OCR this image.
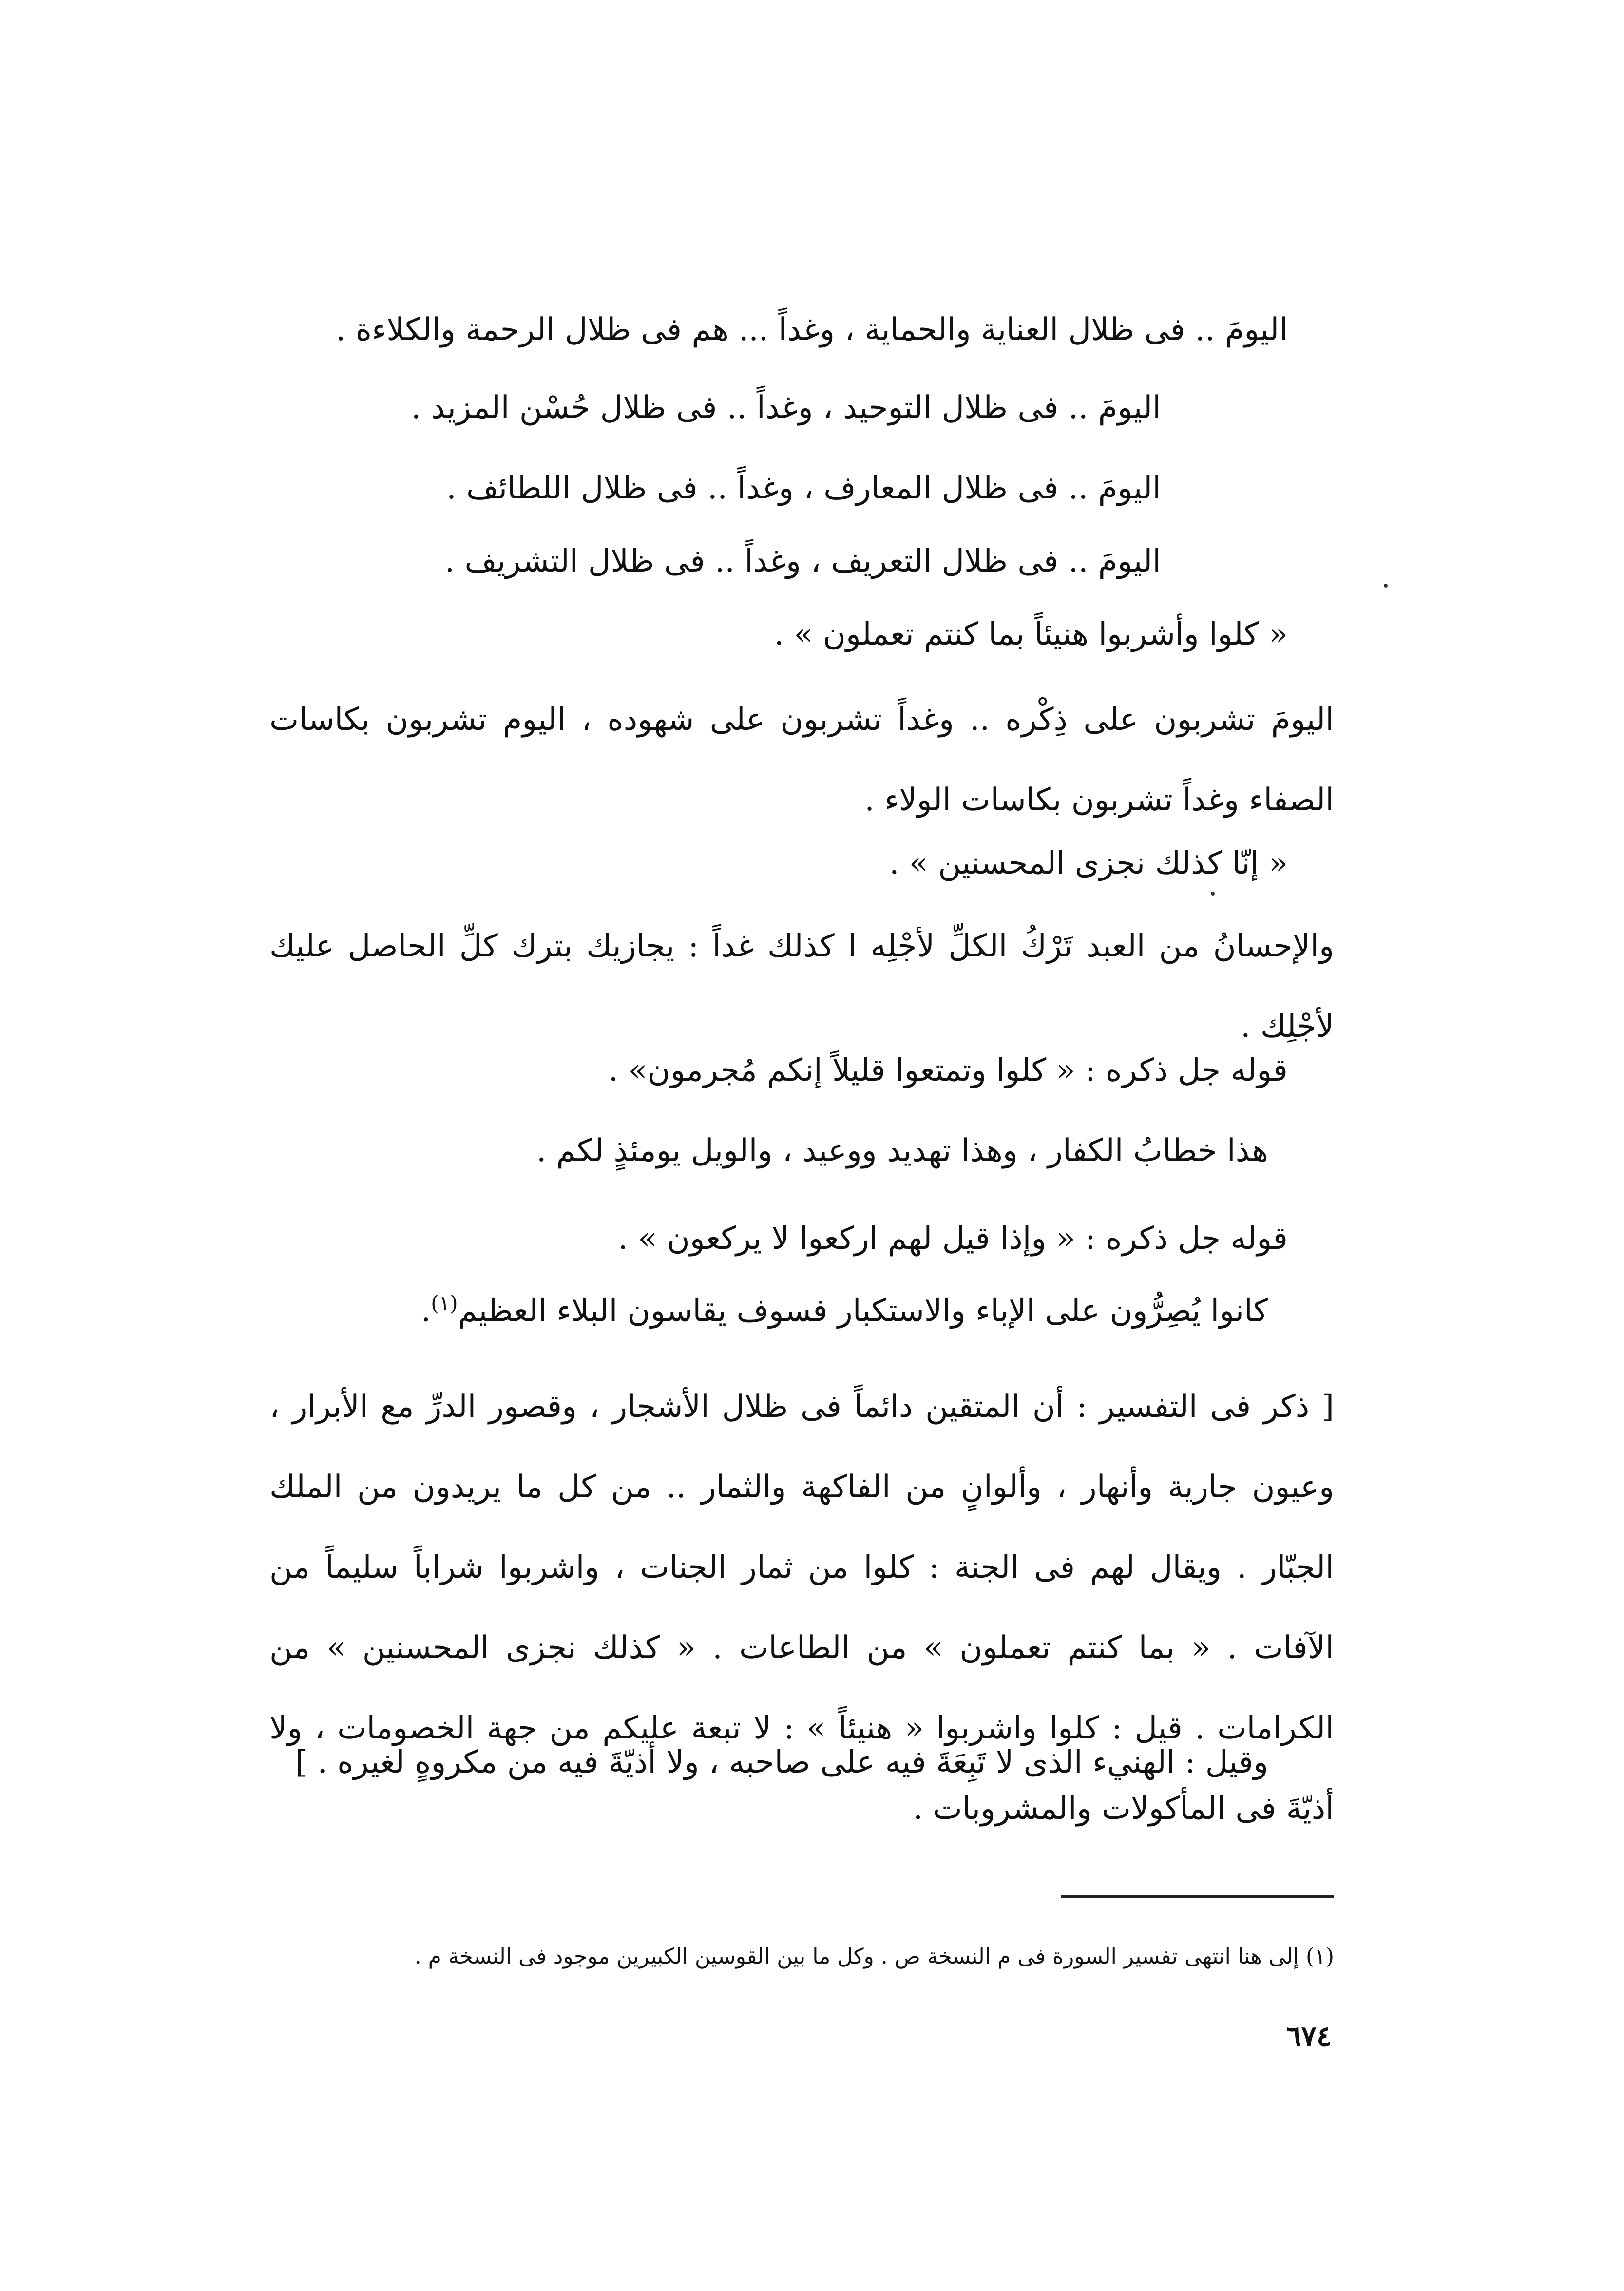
اليومَ .. فى ظلال العناية والحماية ، وغداً ... هم فى ظلال الرحمة والكلاءة .
اليومَ .. فى ظلال التوحيد ، وغداً .. فى ظلال حُسْن المزيد .
اليومَ .. فى ظلال المعارف ، وغداً .. فى ظلال اللطائف .
اليومَ .. فى ظلال التعريف ، وغداً .. فى ظلال التشريف .
« كلوا وأشربوا هنيئاً بما كنتم تعملون » .
اليومَ تشربون على ذِكْره .. وغداً تشربون على شهوده ، اليوم تشربون بكاسات الصفاء وغداً تشربون بكاسات الولاء .
« إنّا كذلك نجزى المحسنين » .
والإحسانُ من العبد تَرْكُ الكلِّ لأجْلِه ا كذلك غداً : يجازيك بترك كلِّ الحاصل عليك لأجْلِك .
قوله جل ذكره : « كلوا وتمتعوا قليلاً إنكم مُجرمون» .
هذا خطابُ الكفار ، وهذا تهديد ووعيد ، والويل يومئذٍ لكم .
قوله جل ذكره : « وإذا قيل لهم اركعوا لا يركعون » .
كانوا يُصِرُّون على الإباء والاستكبار فسوف يقاسون البلاء العظيم$^{(١)}$.
[ ذكر فى التفسير : أن المتقين دائماً فى ظلال الأشجار ، وقصور الدرِّ مع الأبرار ، وعيون جارية وأنهار ، وألوانٍ من الفاكهة والثمار .. من كل ما يريدون من الملك الجبّار . ويقال لهم فى الجنة : كلوا من ثمار الجنات ، واشربوا شراباً سليماً من الآفات . « بما كنتم تعملون » من الطاعات . « كذلك نجزى المحسنين » من الكرامات . قيل : كلوا واشربوا « هنيئاً » : لا تبعة عليكم من جهة الخصومات ، ولا أذيّةَ فى المأكولات والمشروبات .
وقيل : الهنيء الذى لا تَبِعَةَ فيه على صاحبه ، ولا أذيّةَ فيه من مكروهٍ لغيره . ]
(١) إلى هنا انتهى تفسير السورة فى م النسخة ص . وكل ما بين القوسين الكبيرين موجود فى النسخة م .
٦٧٤
